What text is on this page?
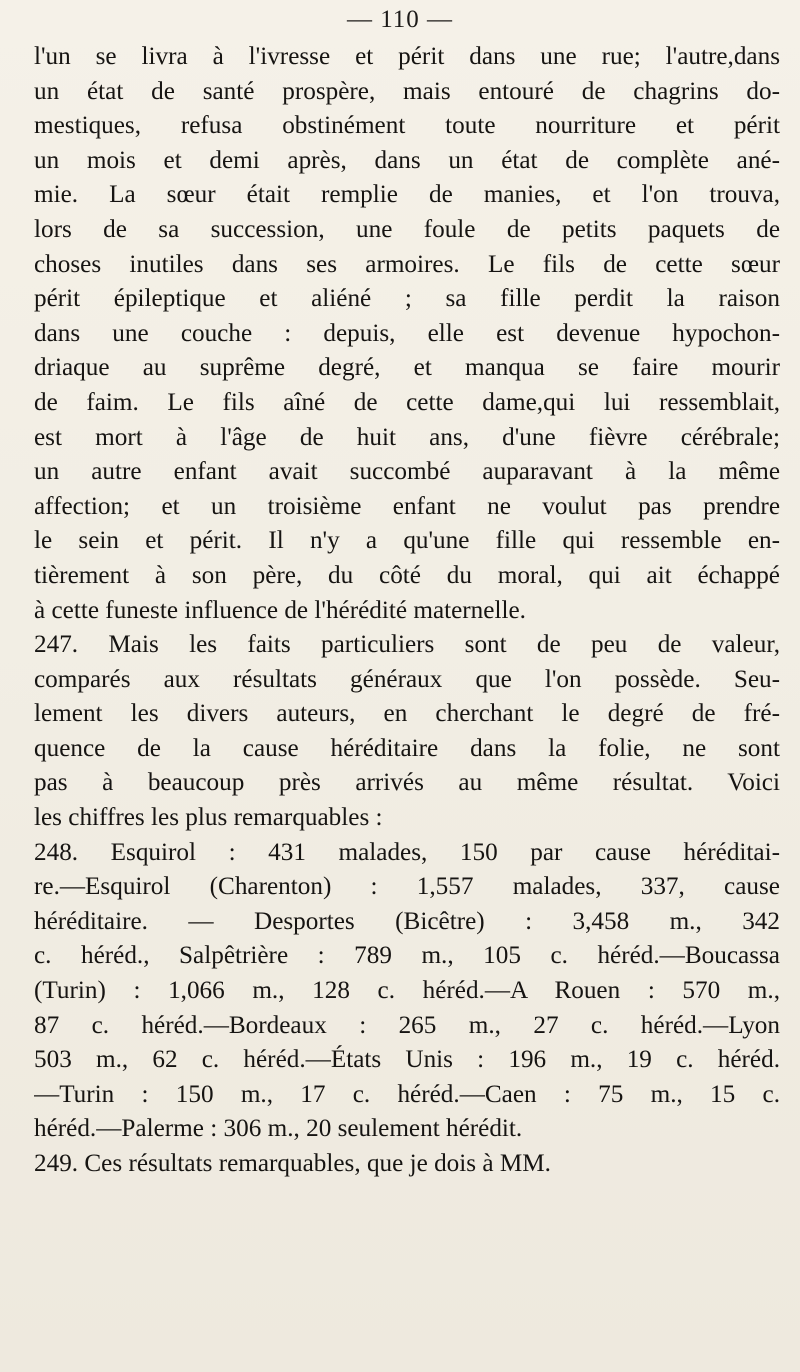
— 110 —
l'un se livra à l'ivresse et périt dans une rue; l'autre,dans
un état de santé prospère, mais entouré de chagrins do-
mestiques, refusa obstinément toute nourriture et périt
un mois et demi après, dans un état de complète ané-
mie. La sœur était remplie de manies, et l'on trouva,
lors de sa succession, une foule de petits paquets de
choses inutiles dans ses armoires. Le fils de cette sœur
périt épileptique et aliéné ; sa fille perdit la raison
dans une couche : depuis, elle est devenue hypochon-
driaque au suprême degré, et manqua se faire mourir
de faim. Le fils aîné de cette dame,qui lui ressemblait,
est mort à l'âge de huit ans, d'une fièvre cérébrale;
un autre enfant avait succombé auparavant à la même
affection; et un troisième enfant ne voulut pas prendre
le sein et périt. Il n'y a qu'une fille qui ressemble en-
tièrement à son père, du côté du moral, qui ait échappé
à cette funeste influence de l'hérédité maternelle.
247. Mais les faits particuliers sont de peu de valeur,
comparés aux résultats généraux que l'on possède. Seu-
lement les divers auteurs, en cherchant le degré de fré-
quence de la cause héréditaire dans la folie, ne sont
pas à beaucoup près arrivés au même résultat. Voici
les chiffres les plus remarquables :
248. Esquirol : 431 malades, 150 par cause héréditai-
re.—Esquirol (Charenton) : 1,557 malades, 337, cause
héréditaire. — Desportes (Bicêtre) : 3,458 m., 342
c. héréd., Salpêtrière : 789 m., 105 c. héréd.—Boucassa
(Turin) : 1,066 m., 128 c. héréd.—A Rouen : 570 m.,
87 c. héréd.—Bordeaux : 265 m., 27 c. héréd.—Lyon
503 m., 62 c. héréd.—États Unis : 196 m., 19 c. héréd.
—Turin : 150 m., 17 c. héréd.—Caen : 75 m., 15 c.
héréd.—Palerme : 306 m., 20 seulement hérédit.
249. Ces résultats remarquables, que je dois à MM.
